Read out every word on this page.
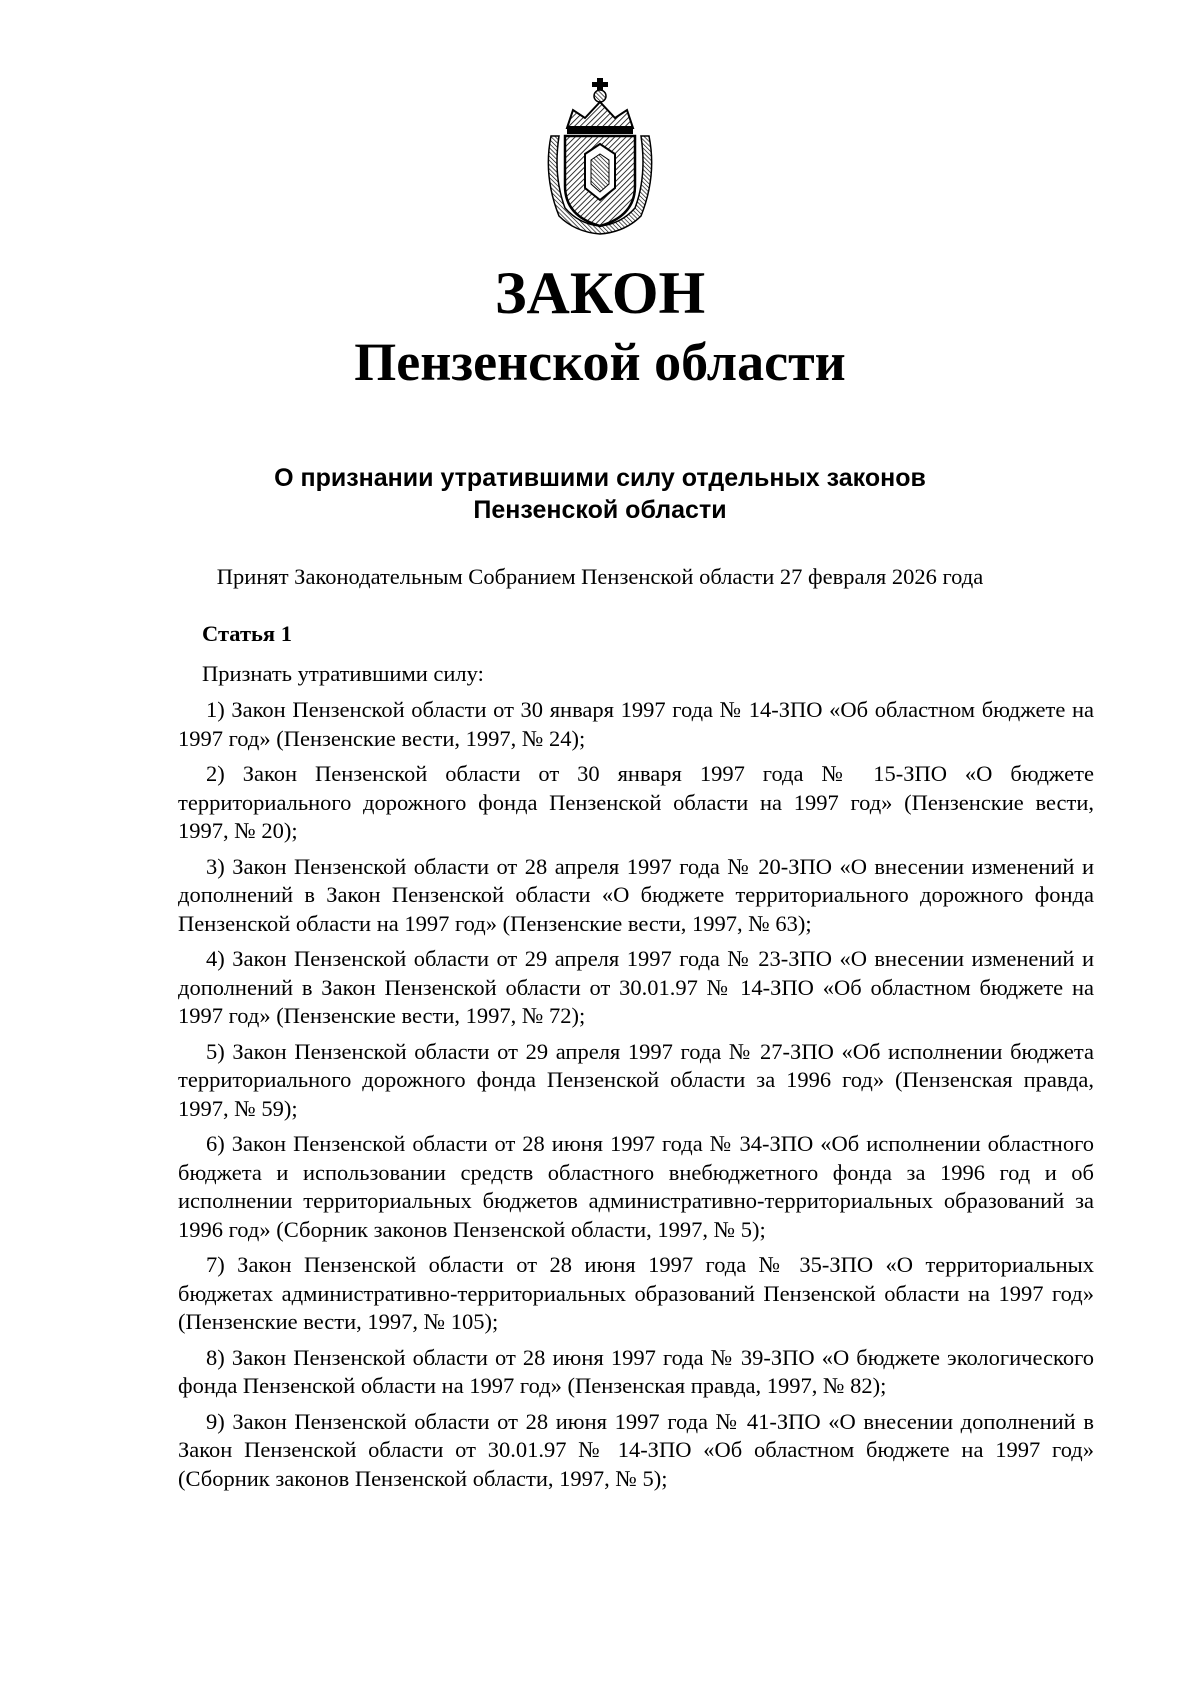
ЗАКОН
Пензенской области
О признании утратившими силу отдельных законов
Пензенской области

Принят Законодательным Собранием Пензенской области 27 февраля 2026 года

Статья 1

Признать утратившими силу:

1) Закон Пензенской области от 30 января 1997 года № 14-ЗПО «Об областном бюджете на 1997 год» (Пензенские вести, 1997, № 24);
2) Закон Пензенской области от 30 января 1997 года № 15-ЗПО «О бюджете территориального дорожного фонда Пензенской области на 1997 год» (Пензенские вести, 1997, № 20);
3) Закон Пензенской области от 28 апреля 1997 года № 20-ЗПО «О внесении изменений и дополнений в Закон Пензенской области «О бюджете территориального дорожного фонда Пензенской области на 1997 год» (Пензенские вести, 1997, № 63);
4) Закон Пензенской области от 29 апреля 1997 года № 23-ЗПО «О внесении изменений и дополнений в Закон Пензенской области от 30.01.97 № 14-ЗПО «Об областном бюджете на 1997 год» (Пензенские вести, 1997, № 72);
5) Закон Пензенской области от 29 апреля 1997 года № 27-ЗПО «Об исполнении бюджета территориального дорожного фонда Пензенской области за 1996 год» (Пензенская правда, 1997, № 59);
6) Закон Пензенской области от 28 июня 1997 года № 34-ЗПО «Об исполнении областного бюджета и использовании средств областного внебюджетного фонда за 1996 год и об исполнении территориальных бюджетов административно-территориальных образований за 1996 год» (Сборник законов Пензенской области, 1997, № 5);
7) Закон Пензенской области от 28 июня 1997 года № 35-ЗПО «О территориальных бюджетах административно-территориальных образований Пензенской области на 1997 год» (Пензенские вести, 1997, № 105);
8) Закон Пензенской области от 28 июня 1997 года № 39-ЗПО «О бюджете экологического фонда Пензенской области на 1997 год» (Пензенская правда, 1997, № 82);
9) Закон Пензенской области от 28 июня 1997 года № 41-ЗПО «О внесении дополнений в Закон Пензенской области от 30.01.97 № 14-ЗПО «Об областном бюджете на 1997 год» (Сборник законов Пензенской области, 1997, № 5);
